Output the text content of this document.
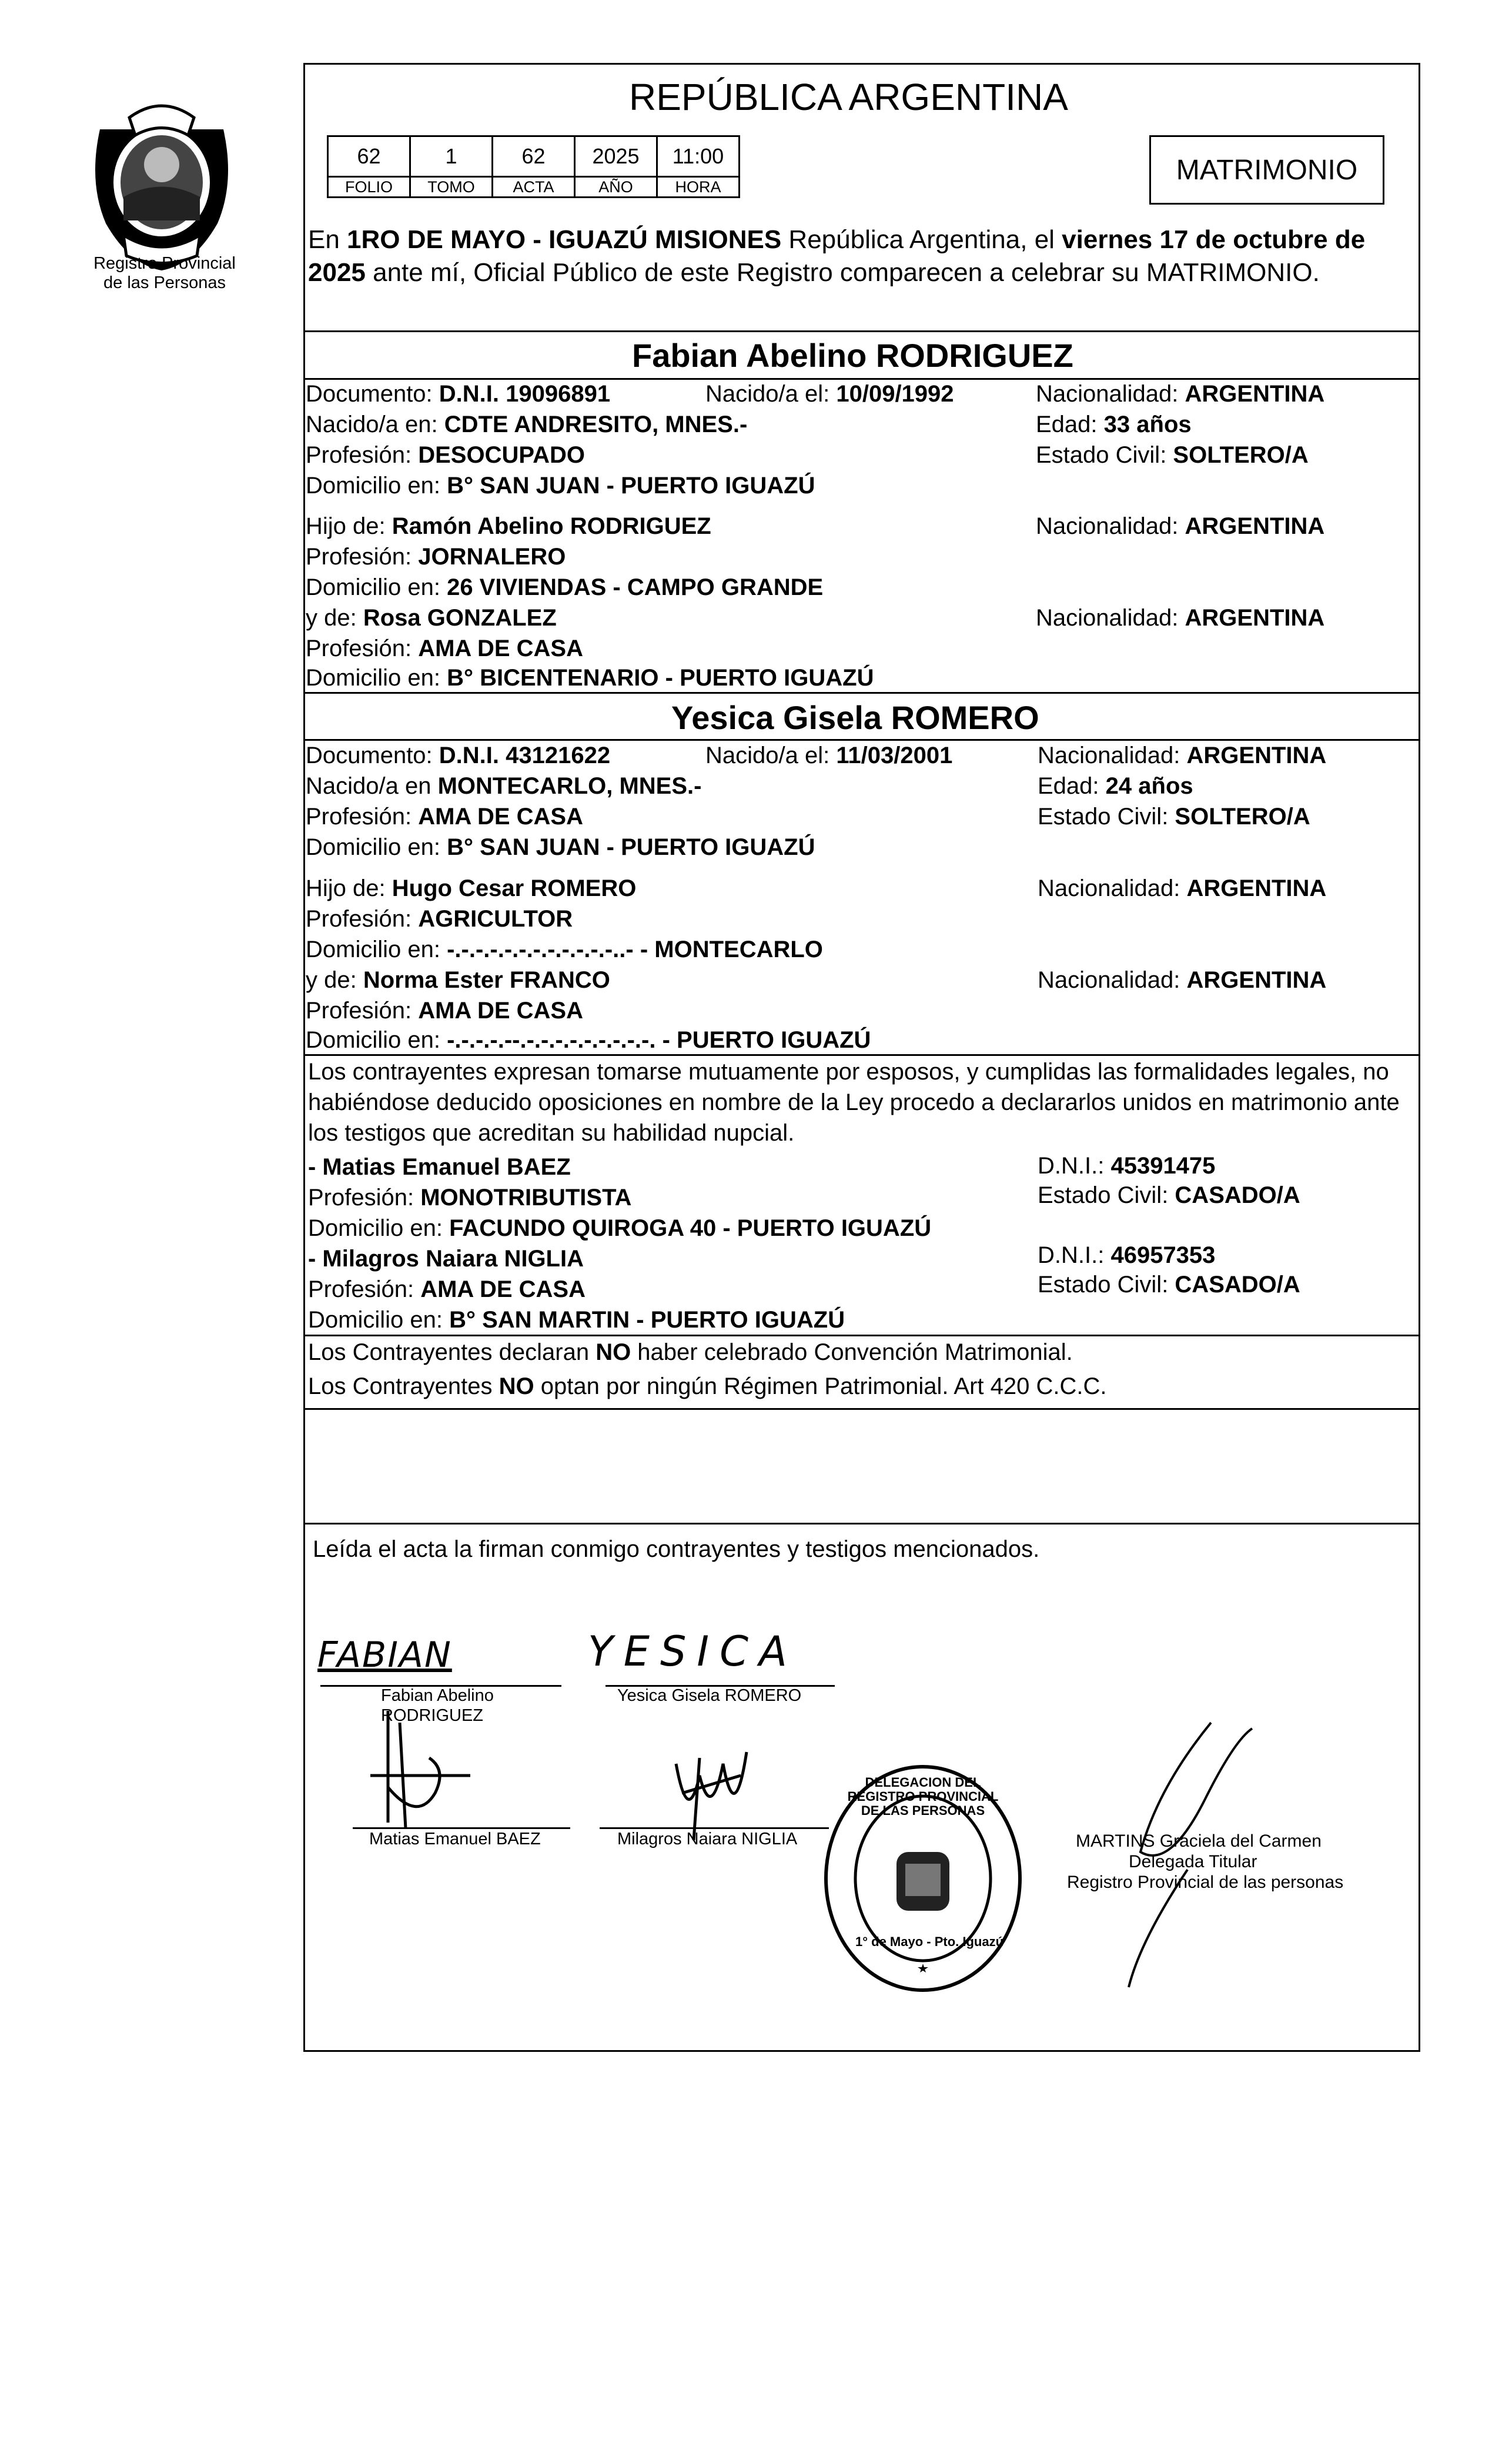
Registro Provincial
de las Personas
REPÚBLICA ARGENTINA
62	1	62	2025	11:00
FOLIO	TOMO	ACTA	AÑO	HORA
MATRIMONIO
En 1RO DE MAYO - IGUAZÚ MISIONES República Argentina, el viernes 17 de octubre de
2025 ante mí, Oficial Público de este Registro comparecen a celebrar su MATRIMONIO.
Fabian Abelino RODRIGUEZ
Documento: D.N.I. 19096891	Nacido/a el: 10/09/1992	Nacionalidad: ARGENTINA
Nacido/a en: CDTE ANDRESITO, MNES.-	Edad: 33 años
Profesión: DESOCUPADO	Estado Civil: SOLTERO/A
Domicilio en: B° SAN JUAN - PUERTO IGUAZÚ
Hijo de: Ramón Abelino RODRIGUEZ	Nacionalidad: ARGENTINA
Profesión: JORNALERO
Domicilio en: 26 VIVIENDAS - CAMPO GRANDE
y de: Rosa GONZALEZ	Nacionalidad: ARGENTINA
Profesión: AMA DE CASA
Domicilio en: B° BICENTENARIO - PUERTO IGUAZÚ
Yesica Gisela ROMERO
Documento: D.N.I. 43121622	Nacido/a el: 11/03/2001	Nacionalidad: ARGENTINA
Nacido/a en MONTECARLO, MNES.-	Edad: 24 años
Profesión: AMA DE CASA	Estado Civil: SOLTERO/A
Domicilio en: B° SAN JUAN - PUERTO IGUAZÚ
Hijo de: Hugo Cesar ROMERO	Nacionalidad: ARGENTINA
Profesión: AGRICULTOR
Domicilio en: -.-.-.-.-.-.-.-.-.-.-.-..- - MONTECARLO
y de: Norma Ester FRANCO	Nacionalidad: ARGENTINA
Profesión: AMA DE CASA
Domicilio en: -.-.-.-.--.-.-.-.-.-.-.-.-.-. - PUERTO IGUAZÚ
Los contrayentes expresan tomarse mutuamente por esposos, y cumplidas las formalidades legales, no
habiéndose deducido oposiciones en nombre de la Ley procedo a declararlos unidos en matrimonio ante
los testigos que acreditan su habilidad nupcial.
- Matias Emanuel BAEZ	D.N.I.: 45391475
Profesión: MONOTRIBUTISTA	Estado Civil: CASADO/A
Domicilio en: FACUNDO QUIROGA 40 - PUERTO IGUAZÚ
- Milagros Naiara NIGLIA	D.N.I.: 46957353
Profesión: AMA DE CASA	Estado Civil: CASADO/A
Domicilio en: B° SAN MARTIN - PUERTO IGUAZÚ
Los Contrayentes declaran NO haber celebrado Convención Matrimonial.
Los Contrayentes NO optan por ningún Régimen Patrimonial. Art 420 C.C.C.
Leída el acta la firman conmigo contrayentes y testigos mencionados.
FABIAN
Fabian Abelino
RODRIGUEZ
YESICA
Yesica Gisela ROMERO
Matias Emanuel BAEZ	Milagros Naiara NIGLIA
DELEGACION DEL REGISTRO PROVINCIAL DE LAS PERSONAS
1° de Mayo - Pto. Iguazú
MARTINS Graciela del Carmen
Delegada Titular
Registro Provincial de las personas
